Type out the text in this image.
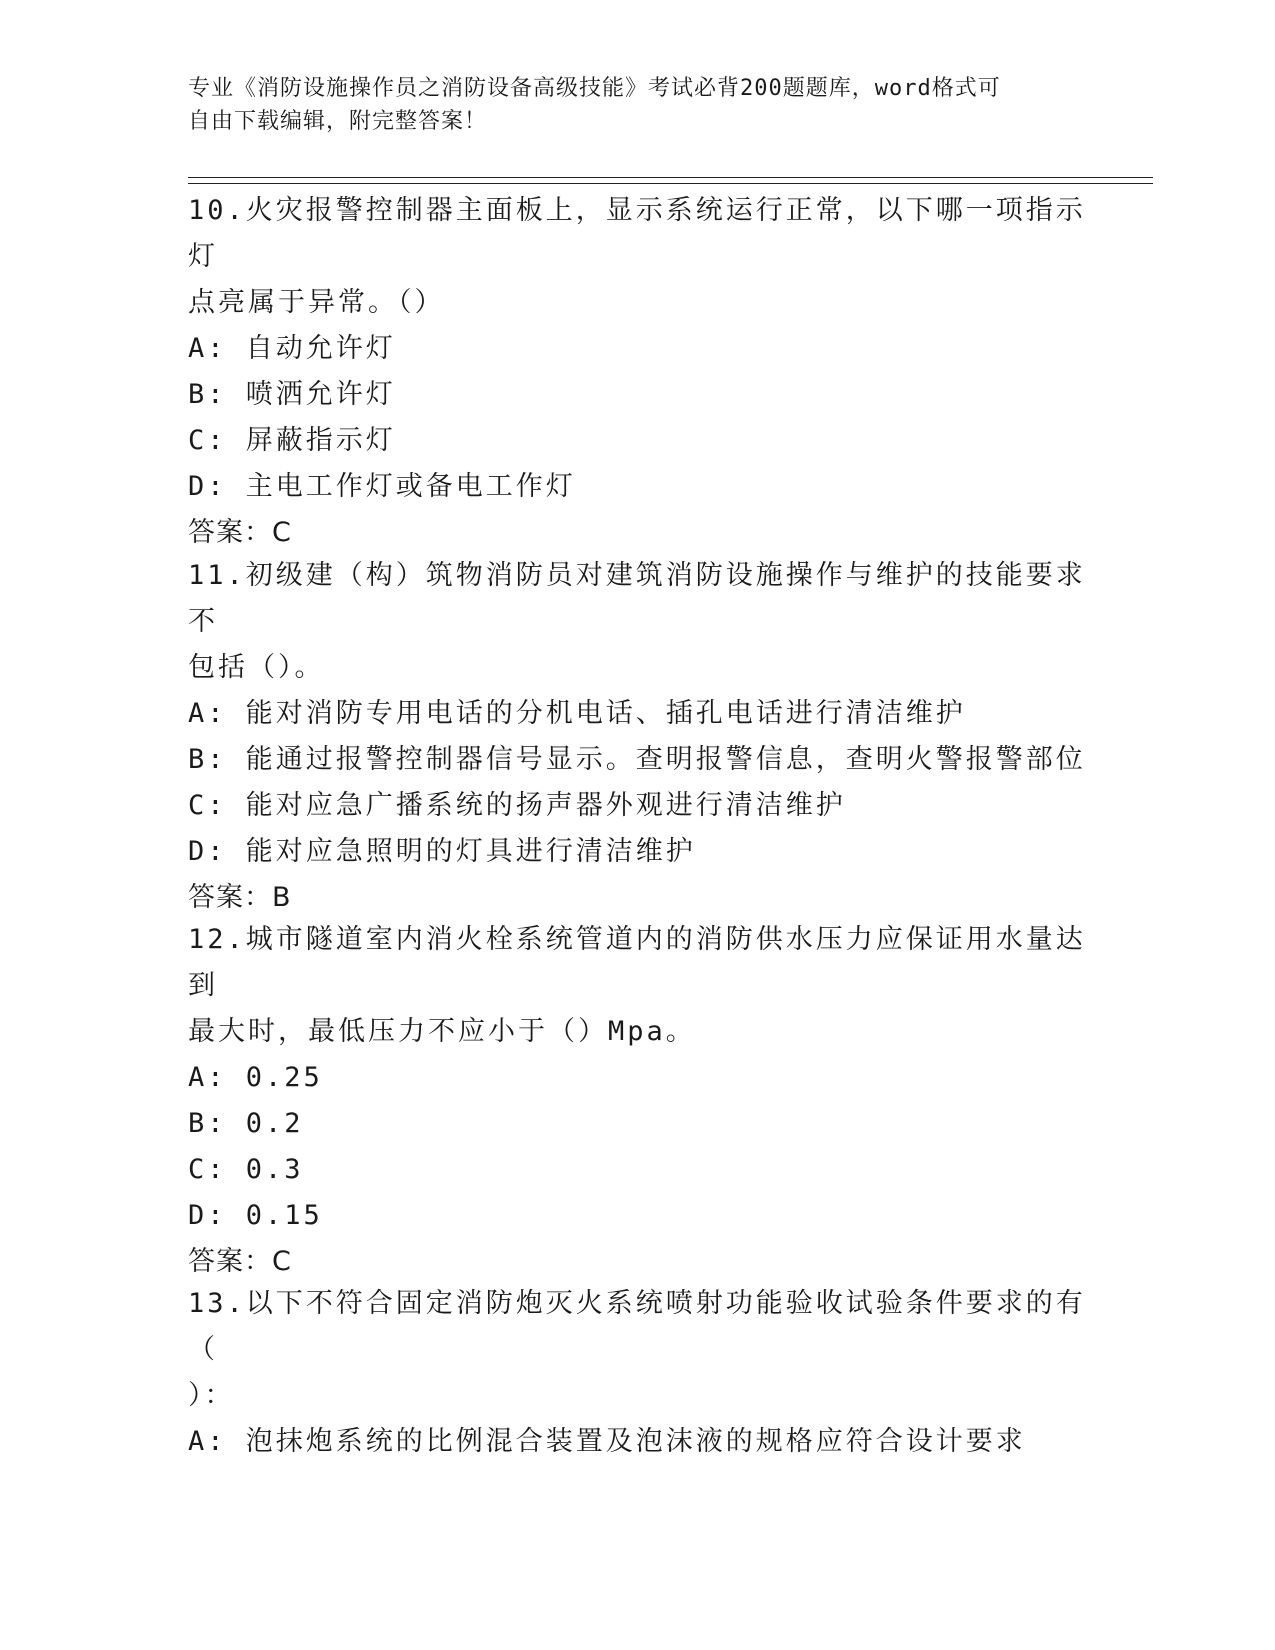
专业《消防设施操作员之消防设备高级技能》考试必背200题题库，word格式可
自由下载编辑，附完整答案！
10.火灾报警控制器主面板上，显示系统运行正常，以下哪一项指示灯
点亮属于异常。（）
A: 自动允许灯
B: 喷洒允许灯
C: 屏蔽指示灯
D: 主电工作灯或备电工作灯
答案：C
11.初级建（构）筑物消防员对建筑消防设施操作与维护的技能要求不
包括（）。
A: 能对消防专用电话的分机电话、插孔电话进行清洁维护
B: 能通过报警控制器信号显示。查明报警信息，查明火警报警部位
C: 能对应急广播系统的扬声器外观进行清洁维护
D: 能对应急照明的灯具进行清洁维护
答案：B
12.城市隧道室内消火栓系统管道内的消防供水压力应保证用水量达到
最大时，最低压力不应小于（）Mpa。
A: 0.25
B: 0.2
C: 0.3
D: 0.15
答案：C
13.以下不符合固定消防炮灭火系统喷射功能验收试验条件要求的有（
）：
A: 泡抹炮系统的比例混合装置及泡沫液的规格应符合设计要求
